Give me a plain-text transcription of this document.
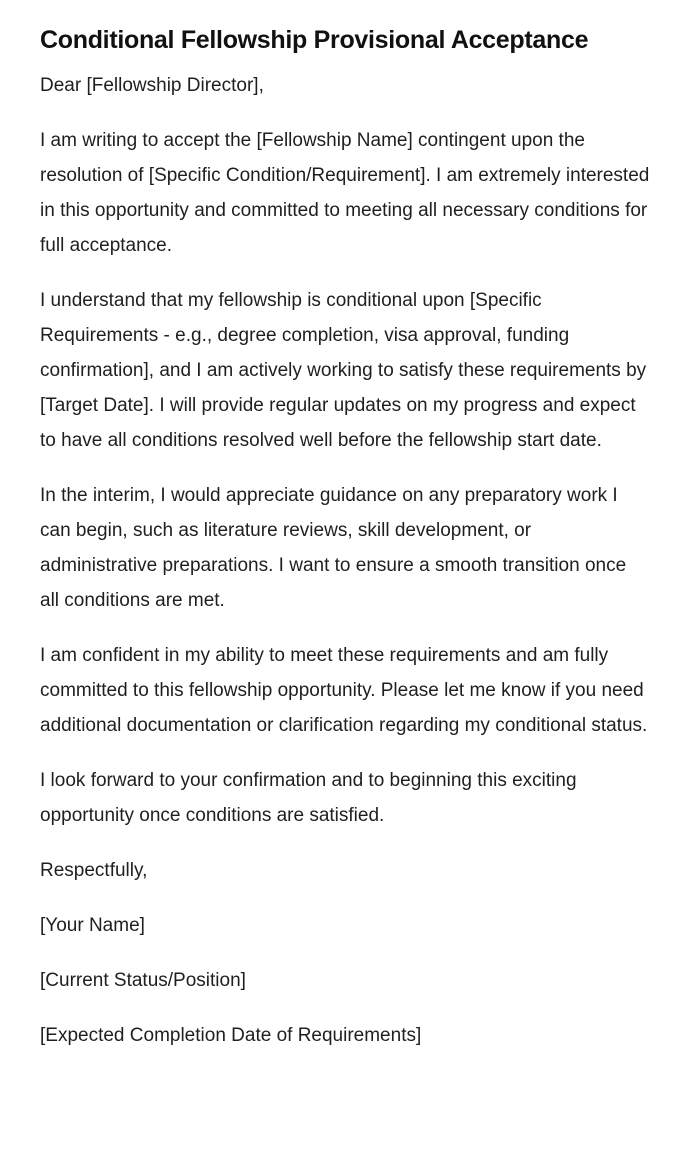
Conditional Fellowship Provisional Acceptance

Dear [Fellowship Director],

I am writing to accept the [Fellowship Name] contingent upon the resolution of [Specific Condition/Requirement]. I am extremely interested in this opportunity and committed to meeting all necessary conditions for full acceptance.

I understand that my fellowship is conditional upon [Specific Requirements - e.g., degree completion, visa approval, funding confirmation], and I am actively working to satisfy these requirements by [Target Date]. I will provide regular updates on my progress and expect to have all conditions resolved well before the fellowship start date.

In the interim, I would appreciate guidance on any preparatory work I can begin, such as literature reviews, skill development, or administrative preparations. I want to ensure a smooth transition once all conditions are met.

I am confident in my ability to meet these requirements and am fully committed to this fellowship opportunity. Please let me know if you need additional documentation or clarification regarding my conditional status.

I look forward to your confirmation and to beginning this exciting opportunity once conditions are satisfied.

Respectfully,

[Your Name]

[Current Status/Position]

[Expected Completion Date of Requirements]
